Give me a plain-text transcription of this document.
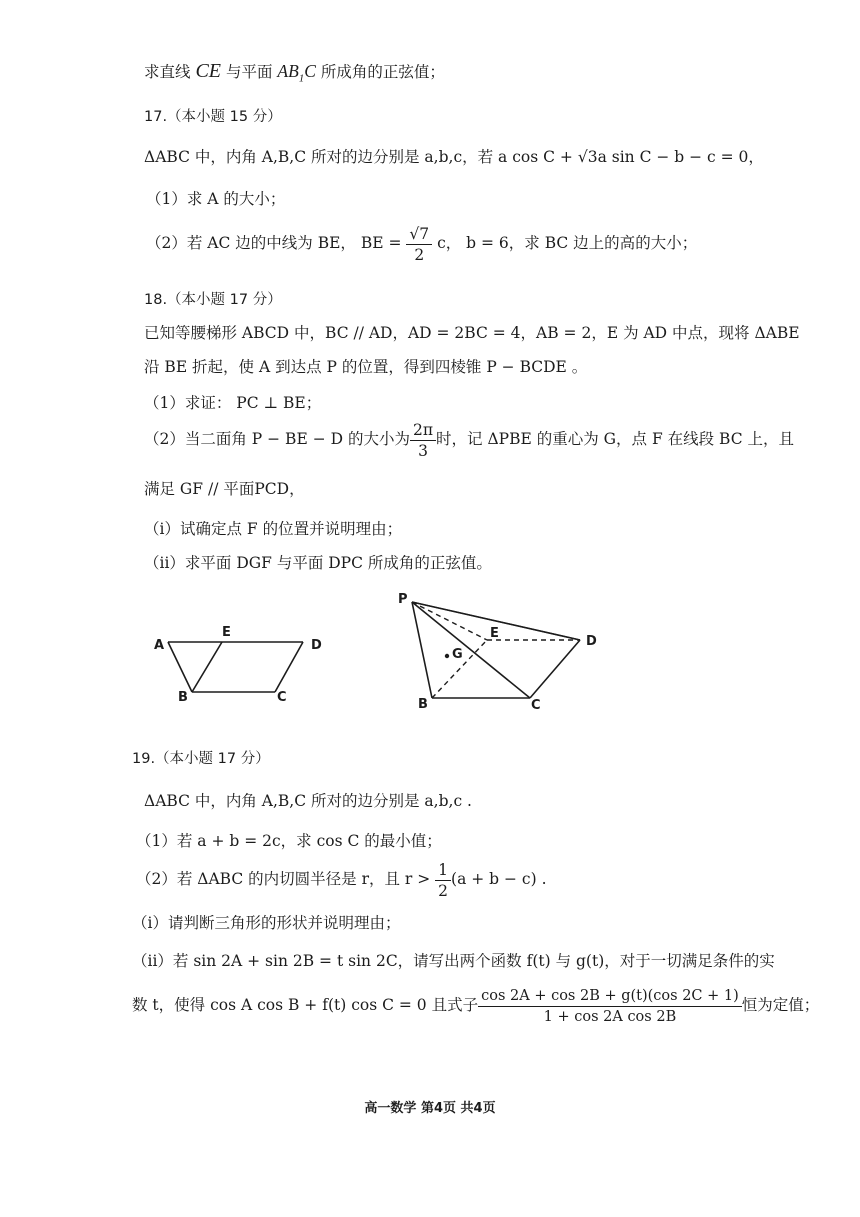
求直线 CE 与平面 $AB_1C$ 所成角的正弦值；
17.（本小题 15 分）
ΔABC 中，内角 A,B,C 所对的边分别是 a,b,c，若 a cos C + √3a sin C − b − c = 0，
（1）求 A 的大小；
（2）若 AC 边的中线为 BE， BE = $\frac{√7}{2}$ c， b = 6，求 BC 边上的高的大小；
18.（本小题 17 分）
已知等腰梯形 ABCD 中，BC // AD，AD = 2BC = 4，AB = 2，E 为 AD 中点，现将 ΔABE
沿 BE 折起，使 A 到达点 P 的位置，得到四棱锥 P − BCDE 。
（1）求证： PC ⊥ BE；
（2）当二面角 P − BE − D 的大小为 $\frac{2\pi}{3}$ 时，记 ΔPBE 的重心为 G，点 F 在线段 BC 上，且
满足 GF // 平面PCD，
（i）试确定点 F 的位置并说明理由；
（ii）求平面 DGF 与平面 DPC 所成角的正弦值。
A
E
D
B	C
P
E
D
G
B	C
19.（本小题 17 分）
ΔABC 中，内角 A,B,C 所对的边分别是 a,b,c .
（1）若 a + b = 2c，求 cos C 的最小值；
（2）若 ΔABC 的内切圆半径是 r，且 $r > \frac{1}{2} (a + b - c)$ .
（i）请判断三角形的形状并说明理由；
（ii）若 sin 2A + sin 2B = t sin 2C，请写出两个函数 f(t) 与 g(t)，对于一切满足条件的实
数 t，使得 cos A cos B + f(t) cos C = 0 且式子 $\frac{\cos 2A + \cos 2B + g(t)(\cos 2C + 1)}{\text{1 + cos 2A cos 2B}}$ 恒为定值；
高一数学 第4页 共4页
